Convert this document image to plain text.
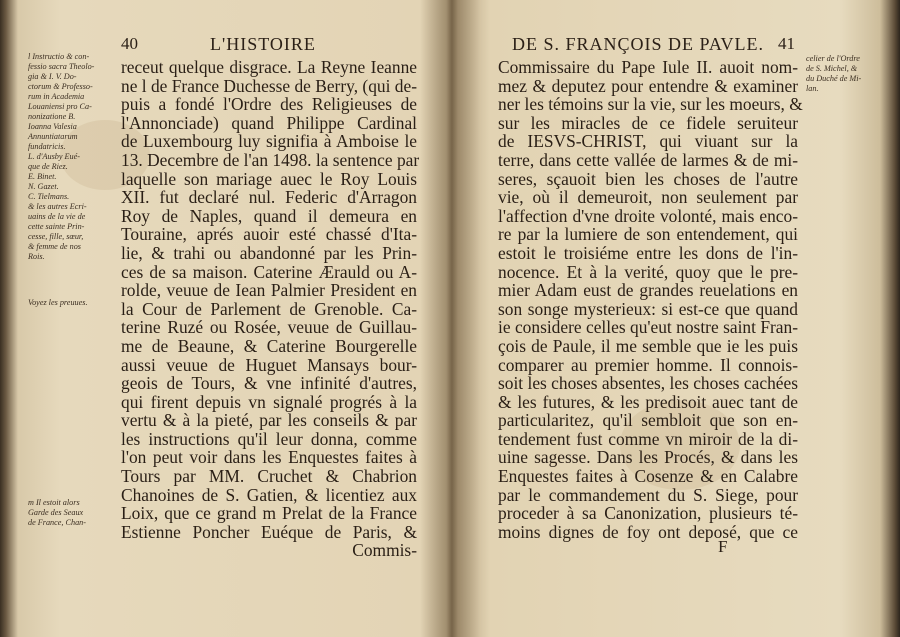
40	L'HISTOIRE
l Instructio & con-
fessio sacra Theolo-
gia & I. V. Do-
ctorum & Professo-
rum in Academia
Louaniensi pro Ca-
nonizatione B.
Ioanna Valesia
Annuntiatarum
fundatricis.
L. d'Ausby Eué-
que de Riez.
E. Binet.
N. Gazet.
C. Tielmans.
& les autres Ecri-
uains de la vie de
cette sainte Prin-
cesse, fille, sœur,
& femme de nos
Rois.
Voyez les preuues.
m Il estoit alors
Garde des Seaux
de France, Chan-
receut quelque disgrace. La Reyne Ieanne
ne l de France Duchesse de Berry, (qui de-
puis a fondé l'Ordre des Religieuses de
l'Annonciade) quand Philippe Cardinal
de Luxembourg luy signifia à Amboise le
13. Decembre de l'an 1498. la sentence par
laquelle son mariage auec le Roy Louis
XII. fut declaré nul. Federic d'Arragon
Roy de Naples, quand il demeura en
Touraine, aprés auoir esté chassé d'Ita-
lie, & trahi ou abandonné par les Prin-
ces de sa maison. Caterine Ærauld ou A-
rolde, veuue de Iean Palmier President en
la Cour de Parlement de Grenoble. Ca-
terine Ruzé ou Rosée, veuue de Guillau-
me de Beaune, & Caterine Bourgerelle
aussi veuue de Huguet Mansays bour-
geois de Tours, & vne infinité d'autres,
qui firent depuis vn signalé progrés à la
vertu & à la pieté, par les conseils & par
les instructions qu'il leur donna, comme
l'on peut voir dans les Enquestes faites à
Tours par MM. Cruchet & Chabrion
Chanoines de S. Gatien, & licentiez aux
Loix, que ce grand m Prelat de la France
Estienne Poncher Euéque de Paris, &
Commis-
DE S. FRANÇOIS DE PAVLE. 41
celier de l'Ordre
de S. Michel, &
du Duché de Mi-
lan.
Commissaire du Pape Iule II. auoit nom-
mez & deputez pour entendre & examiner
ner les témoins sur la vie, sur les moeurs, &
sur les miracles de ce fidele seruiteur
de IESVS-CHRIST, qui viuant sur la
terre, dans cette vallée de larmes & de mi-
seres, sçauoit bien les choses de l'autre
vie, où il demeuroit, non seulement par
l'affection d'vne droite volonté, mais enco-
re par la lumiere de son entendement, qui
estoit le troisiéme entre les dons de l'in-
nocence. Et à la verité, quoy que le pre-
mier Adam eust de grandes reuelations en
son songe mysterieux: si est-ce que quand
ie considere celles qu'eut nostre saint Fran-
çois de Paule, il me semble que ie les puis
comparer au premier homme. Il connois-
soit les choses absentes, les choses cachées
& les futures, & les predisoit auec tant de
particularitez, qu'il sembloit que son en-
tendement fust comme vn miroir de la di-
uine sagesse. Dans les Procés, & dans les
Enquestes faites à Cosenze & en Calabre
par le commandement du S. Siege, pour
proceder à sa Canonization, plusieurs té-
moins dignes de foy ont deposé, que ce
F
